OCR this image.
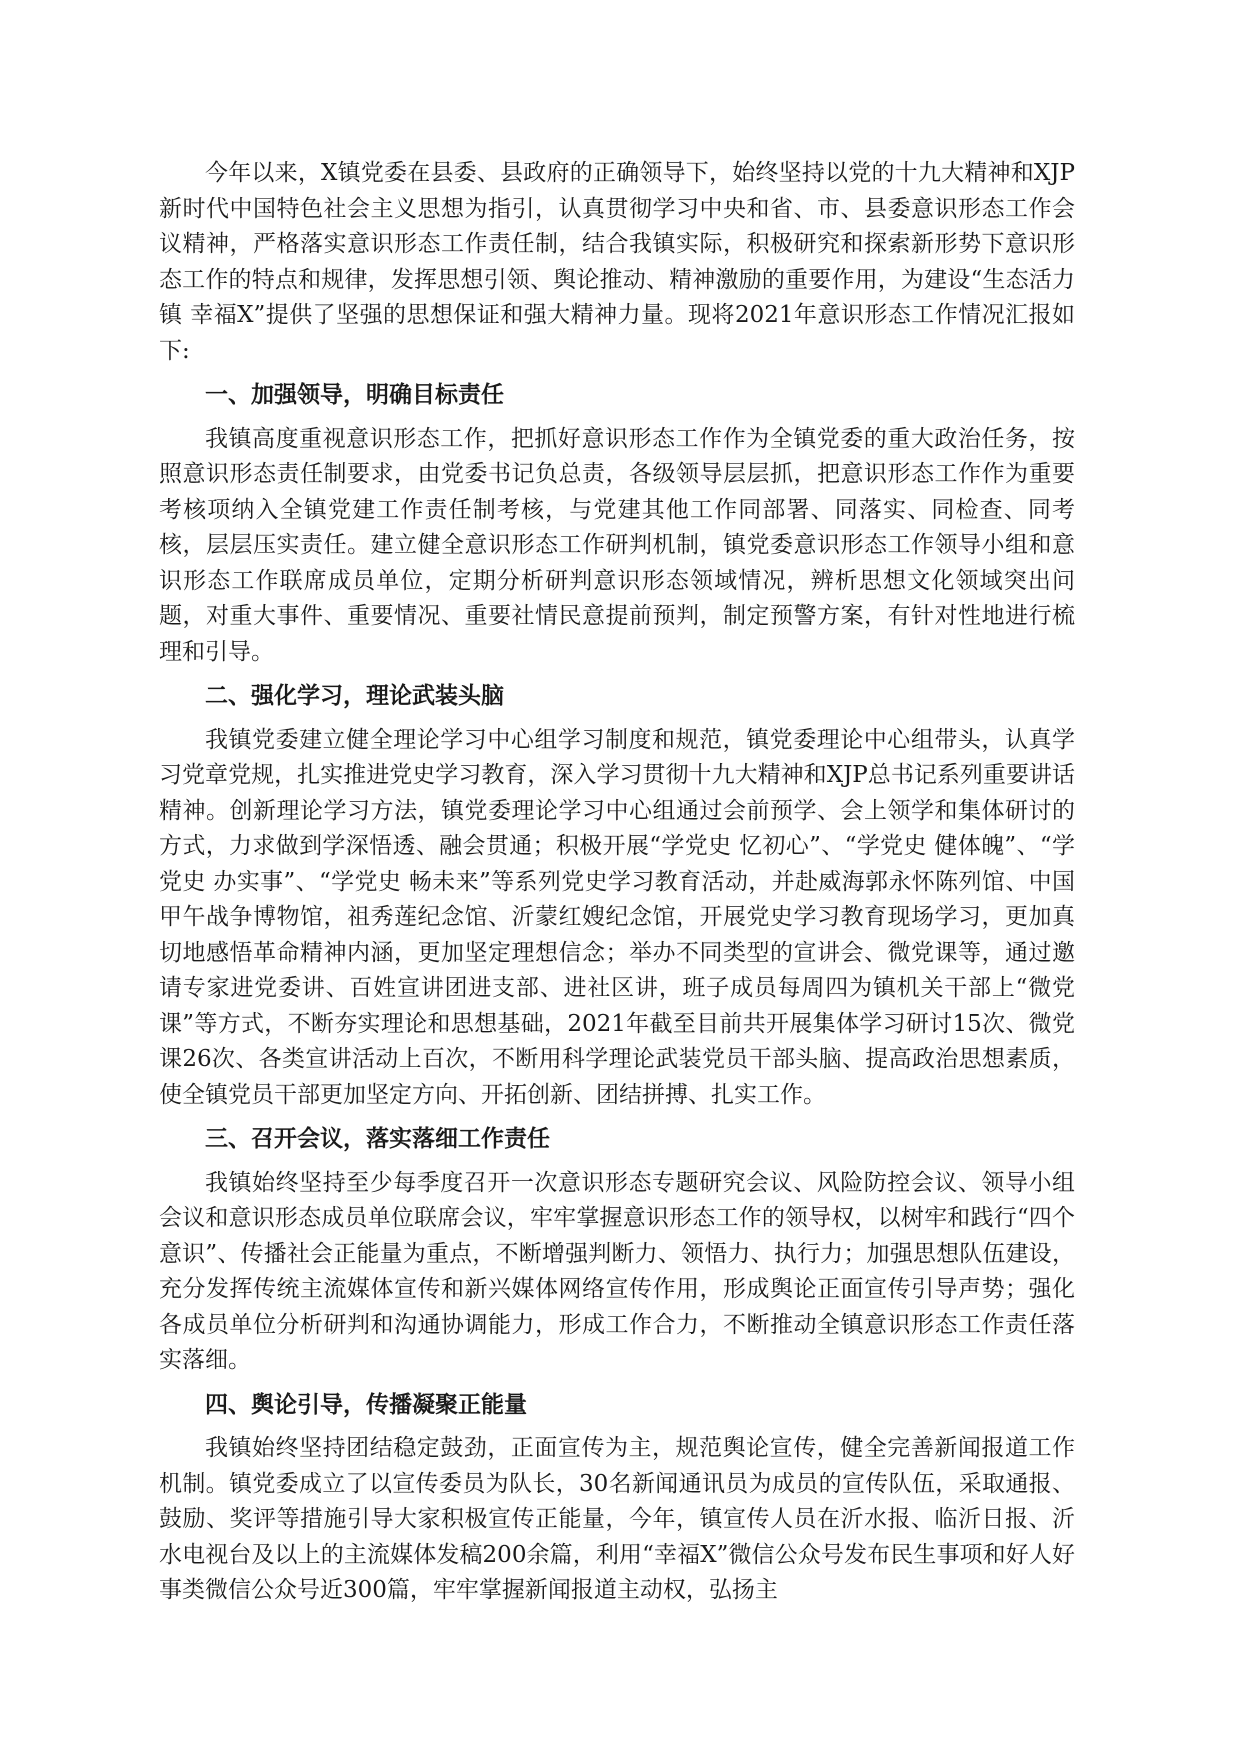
今年以来，X镇党委在县委、县政府的正确领导下，始终坚持以党的十九大精神和XJP新时代中国特色社会主义思想为指引，认真贯彻学习中央和省、市、县委意识形态工作会议精神，严格落实意识形态工作责任制，结合我镇实际，积极研究和探索新形势下意识形态工作的特点和规律，发挥思想引领、舆论推动、精神激励的重要作用，为建设“生态活力镇 幸福X”提供了坚强的思想保证和强大精神力量。现将2021年意识形态工作情况汇报如下:

一、加强领导，明确目标责任

我镇高度重视意识形态工作，把抓好意识形态工作作为全镇党委的重大政治任务，按照意识形态责任制要求，由党委书记负总责，各级领导层层抓，把意识形态工作作为重要考核项纳入全镇党建工作责任制考核，与党建其他工作同部署、同落实、同检查、同考核，层层压实责任。建立健全意识形态工作研判机制，镇党委意识形态工作领导小组和意识形态工作联席成员单位，定期分析研判意识形态领域情况，辨析思想文化领域突出问题，对重大事件、重要情况、重要社情民意提前预判，制定预警方案，有针对性地进行梳理和引导。

二、强化学习，理论武装头脑

我镇党委建立健全理论学习中心组学习制度和规范，镇党委理论中心组带头，认真学习党章党规，扎实推进党史学习教育，深入学习贯彻十九大精神和XJP总书记系列重要讲话精神。创新理论学习方法，镇党委理论学习中心组通过会前预学、会上领学和集体研讨的方式，力求做到学深悟透、融会贯通；积极开展“学党史 忆初心”、“学党史 健体魄”、“学党史 办实事”、“学党史 畅未来”等系列党史学习教育活动，并赴威海郭永怀陈列馆、中国甲午战争博物馆，祖秀莲纪念馆、沂蒙红嫂纪念馆，开展党史学习教育现场学习，更加真切地感悟革命精神内涵，更加坚定理想信念；举办不同类型的宣讲会、微党课等，通过邀请专家进党委讲、百姓宣讲团进支部、进社区讲，班子成员每周四为镇机关干部上“微党课”等方式，不断夯实理论和思想基础，2021年截至目前共开展集体学习研讨15次、微党课26次、各类宣讲活动上百次，不断用科学理论武装党员干部头脑、提高政治思想素质，使全镇党员干部更加坚定方向、开拓创新、团结拼搏、扎实工作。

三、召开会议，落实落细工作责任

我镇始终坚持至少每季度召开一次意识形态专题研究会议、风险防控会议、领导小组会议和意识形态成员单位联席会议，牢牢掌握意识形态工作的领导权，以树牢和践行“四个意识”、传播社会正能量为重点，不断增强判断力、领悟力、执行力；加强思想队伍建设，充分发挥传统主流媒体宣传和新兴媒体网络宣传作用，形成舆论正面宣传引导声势；强化各成员单位分析研判和沟通协调能力，形成工作合力，不断推动全镇意识形态工作责任落实落细。

四、舆论引导，传播凝聚正能量

我镇始终坚持团结稳定鼓劲，正面宣传为主，规范舆论宣传，健全完善新闻报道工作机制。镇党委成立了以宣传委员为队长，30名新闻通讯员为成员的宣传队伍，采取通报、鼓励、奖评等措施引导大家积极宣传正能量，今年，镇宣传人员在沂水报、临沂日报、沂水电视台及以上的主流媒体发稿200余篇，利用“幸福X”微信公众号发布民生事项和好人好事类微信公众号近300篇，牢牢掌握新闻报道主动权，弘扬主
